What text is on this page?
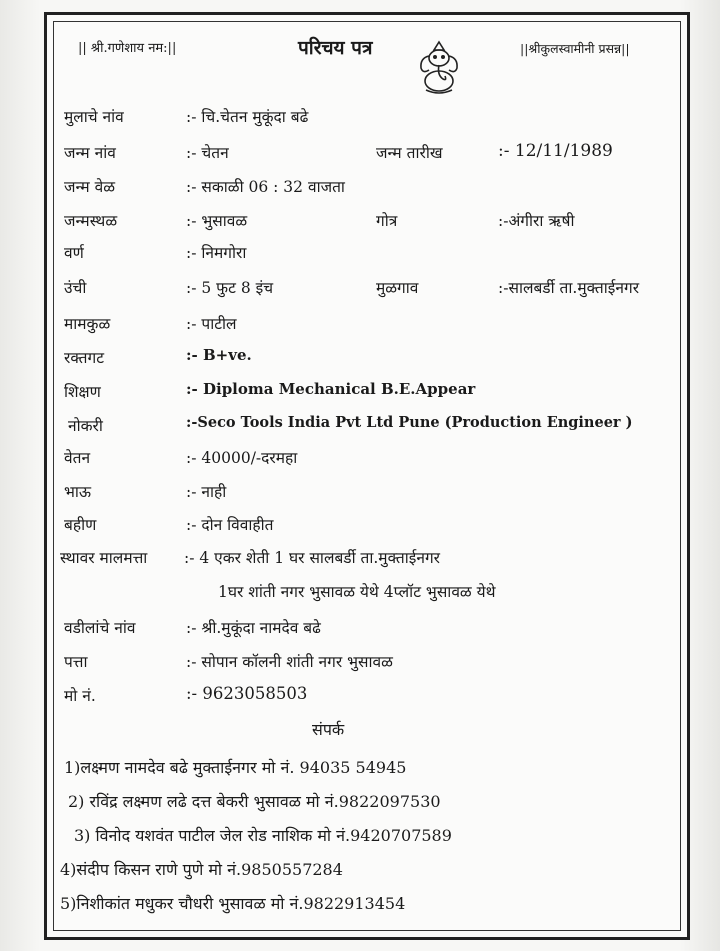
|| श्री.गणेशाय नम:||	परिचय पत्र	||श्रीकुलस्वामीनी प्रसन्न||
मुलाचे नांव	:- चि.चेतन मुकूंदा बढे
जन्म नांव	:- चेतन	जन्म तारीख	:- 12/11/1989
जन्म वेळ	:- सकाळी 06 : 32 वाजता
जन्मस्थळ	:- भुसावळ	गोत्र	:-अंगीरा ऋषी
वर्ण	:- निमगोरा
उंची	:- 5 फुट 8 इंच	मुळगाव	:-सालबर्डी ता.मुक्ताईनगर
मामकुळ	:- पाटील
रक्तगट	:- B+ve.
शिक्षण	:- Diploma Mechanical B.E.Appear
नोकरी	:-Seco Tools India Pvt Ltd Pune (Production Engineer )
वेतन	:- 40000/-दरमहा
भाऊ	:- नाही
बहीण	:- दोन विवाहीत
स्थावर मालमत्ता :- 4 एकर शेती 1 घर सालबर्डी ता.मुक्ताईनगर
1घर शांती नगर भुसावळ येथे 4प्लॉट भुसावळ येथे
वडीलांचे नांव	:- श्री.मुकूंदा नामदेव बढे
पत्ता	:- सोपान कॉलनी शांती नगर भुसावळ
मो नं.	:- 9623058503
संपर्क
1)लक्ष्मण नामदेव बढे मुक्ताईनगर मो नं. 94035 54945
2) रविंद्र लक्ष्मण लढे दत्त बेकरी भुसावळ मो नं.9822097530
3) विनोद यशवंत पाटील जेल रोड नाशिक मो नं.9420707589
4)संदीप किसन राणे पुणे मो नं.9850557284
5)निशीकांत मधुकर चौधरी भुसावळ मो नं.9822913454
